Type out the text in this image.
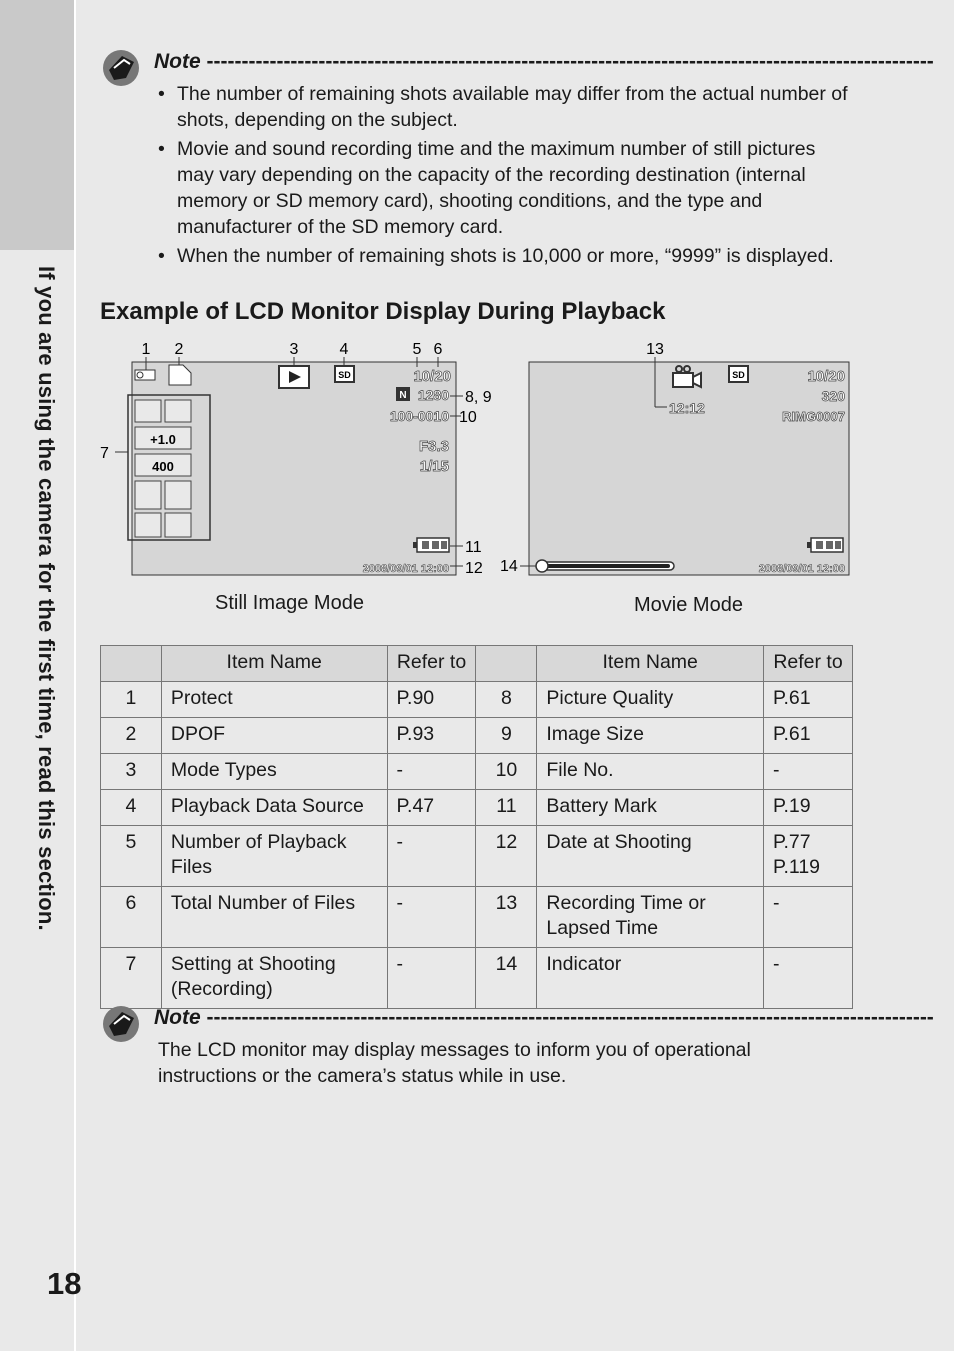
If you are using the camera for the first time, read this section.
Note --------------------------------------------------------------------------------------------------------
• The number of remaining shots available may differ from the actual number of shots, depending on the subject.
• Movie and sound recording time and the maximum number of still pictures may vary depending on the capacity of the recording destination (internal memory or SD memory card), shooting conditions, and the type and manufacturer of the SD memory card.
• When the number of remaining shots is 10,000 or more, “9999” is displayed.
Example of LCD Monitor Display During Playback
1 2	3	4	5 6
7
8, 9
10
11
12
SD	10/20
N 1280
100-0010
F3.3
1/15
+1.0
400
2008/09/01 12:00
13
14
SD	10/20
320
RIMG0007
12:12
2008/09/01 12:00
Still Image Mode	Movie Mode
	Item Name	Refer to		Item Name	Refer to
1	Protect	P.90	8	Picture Quality	P.61
2	DPOF	P.93	9	Image Size	P.61
3	Mode Types	-	10	File No.	-
4	Playback Data Source	P.47	11	Battery Mark	P.19
5	Number of Playback Files	-	12	Date at Shooting	P.77
P.119
6	Total Number of Files	-	13	Recording Time or Lapsed Time	-
7	Setting at Shooting (Recording)	-	14	Indicator	-
Note --------------------------------------------------------------------------------------------------------
The LCD monitor may display messages to inform you of operational instructions or the camera’s status while in use.
18
